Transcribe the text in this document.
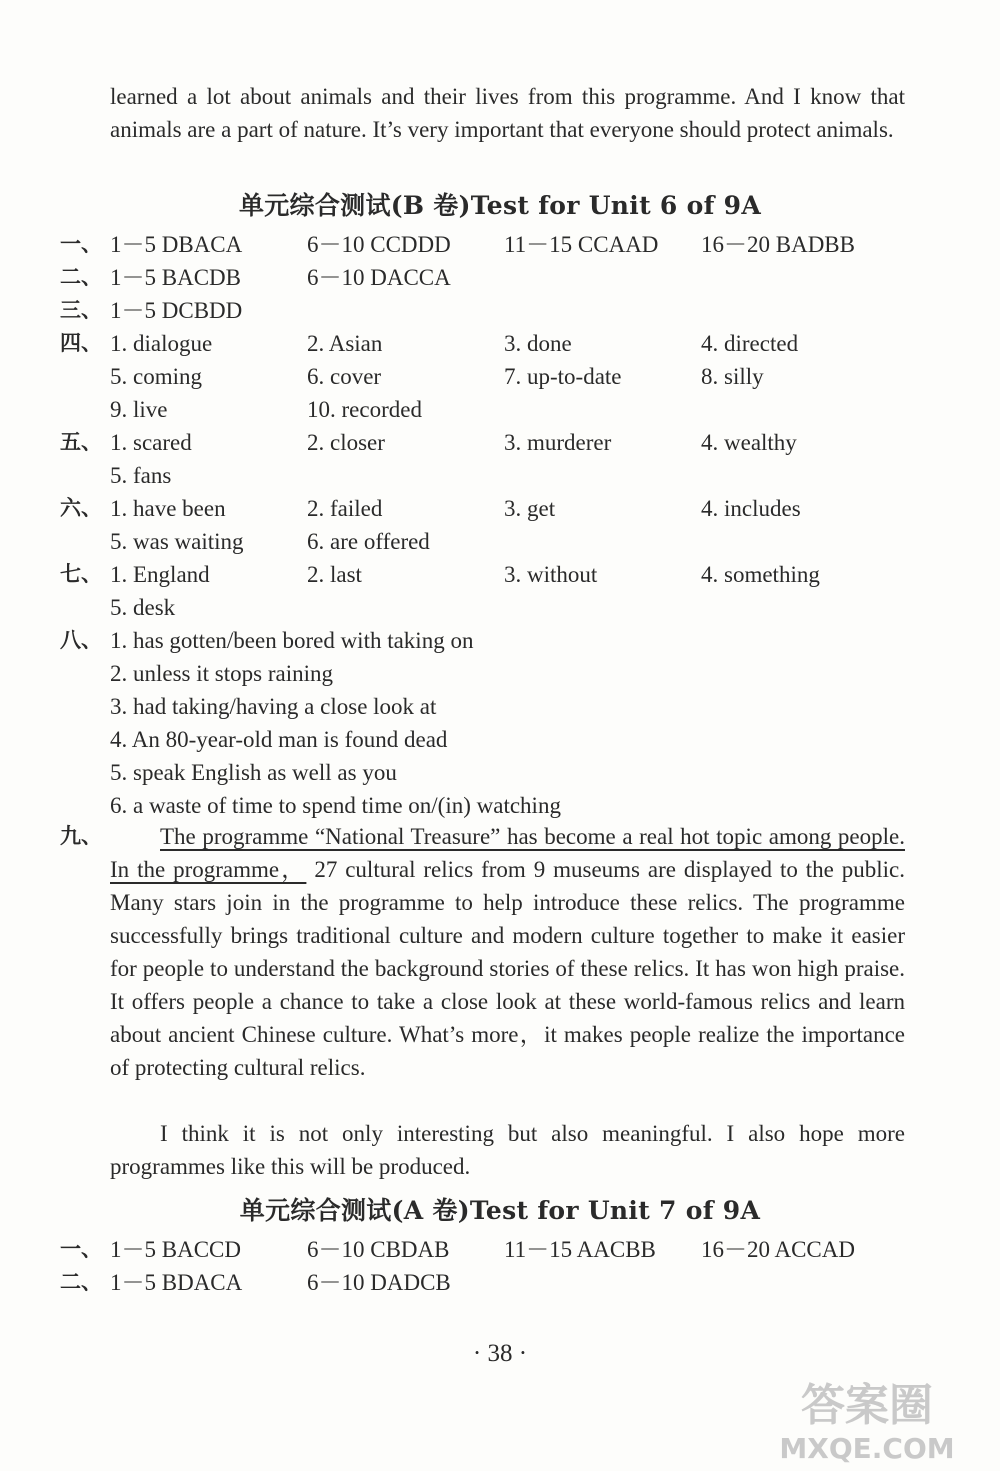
learned a lot about animals and their lives from this programme. And I know that animals are a part of nature. It’s very important that everyone should protect animals.
单元综合测试(B 卷)Test for Unit 6 of 9A
一、 1－5 DBACA	6－10 CCDDD 11－15 CCAAD 16－20 BADBB
二、 1－5 BACDB	6－10 DACCA
三、 1－5 DCBDD
四、 1. dialogue	2. Asian	3. done	4. directed
5. coming	6. cover	7. up-to-date	8. silly
9. live	10. recorded
五、 1. scared	2. closer	3. murderer	4. wealthy
5. fans
六、 1. have been	2. failed	3. get	4. includes
5. was waiting	6. are offered
七、 1. England	2. last	3. without	4. something
5. desk
八、 1. has gotten/been bored with taking on
2. unless it stops raining
3. had taking/having a close look at
4. An 80-year-old man is found dead
5. speak English as well as you
6. a waste of time to spend time on/(in) watching
九、	The programme “National Treasure” has become a real hot topic among people. In the programme， 27 cultural relics from 9 museums are displayed to the public. Many stars join in the programme to help introduce these relics. The programme successfully brings traditional culture and modern culture together to make it easier for people to understand the background stories of these relics. It has won high praise. It offers people a chance to take a close look at these world-famous relics and learn about ancient Chinese culture. What’s more，it makes people realize the importance of protecting cultural relics.
I think it is not only interesting but also meaningful. I also hope more programmes like this will be produced.
单元综合测试(A 卷)Test for Unit 7 of 9A
一、 1－5 BACCD	6－10 CBDAB 11－15 AACBB 16－20 ACCAD
二、 1－5 BDACA	6－10 DADCB
· 38 ·
答案圈
MXQE.COM
